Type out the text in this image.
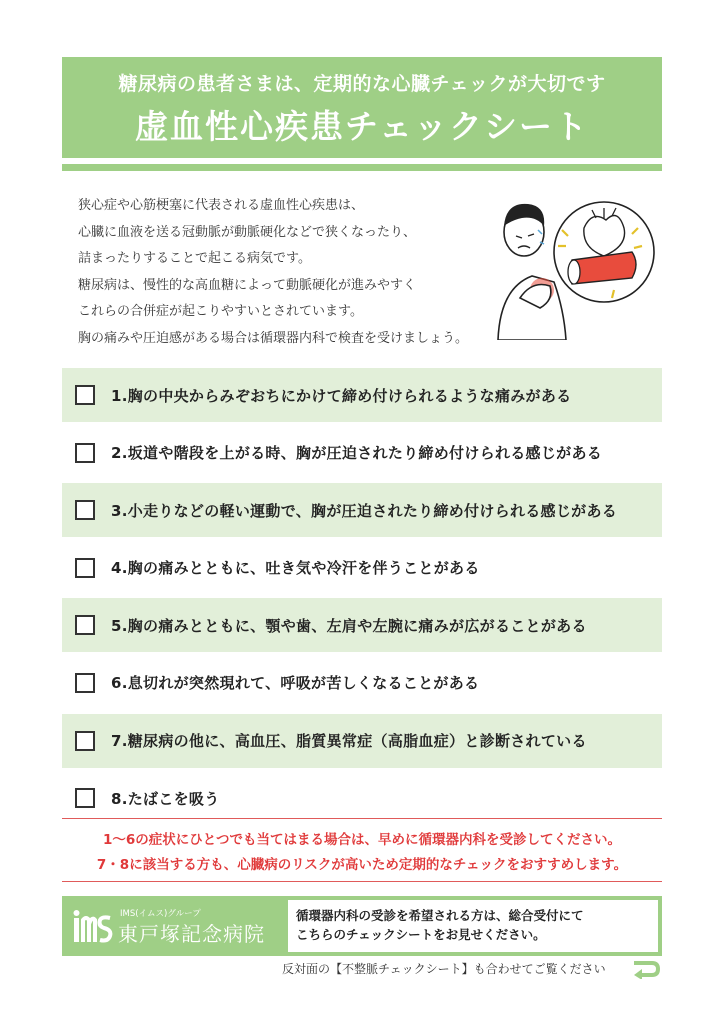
糖尿病の患者さまは、定期的な心臓チェックが大切です
虚血性心疾患チェックシート
狭心症や心筋梗塞に代表される虚血性心疾患は、
心臓に血液を送る冠動脈が動脈硬化などで狭くなったり、
詰まったりすることで起こる病気です。
糖尿病は、慢性的な高血糖によって動脈硬化が進みやすく
これらの合併症が起こりやすいとされています。
胸の痛みや圧迫感がある場合は循環器内科で検査を受けましょう。
1.胸の中央からみぞおちにかけて締め付けられるような痛みがある
2.坂道や階段を上がる時、胸が圧迫されたり締め付けられる感じがある
3.小走りなどの軽い運動で、胸が圧迫されたり締め付けられる感じがある
4.胸の痛みとともに、吐き気や冷汗を伴うことがある
5.胸の痛みとともに、顎や歯、左肩や左腕に痛みが広がることがある
6.息切れが突然現れて、呼吸が苦しくなることがある
7.糖尿病の他に、高血圧、脂質異常症（高脂血症）と診断されている
8.たばこを吸う
1～6の症状にひとつでも当てはまる場合は、早めに循環器内科を受診してください。
7・8に該当する方も、心臓病のリスクが高いため定期的なチェックをおすすめします。
IMS(イムス)グループ
東戸塚記念病院
循環器内科の受診を希望される方は、総合受付にて
こちらのチェックシートをお見せください。
反対面の【不整脈チェックシート】も合わせてご覧ください
